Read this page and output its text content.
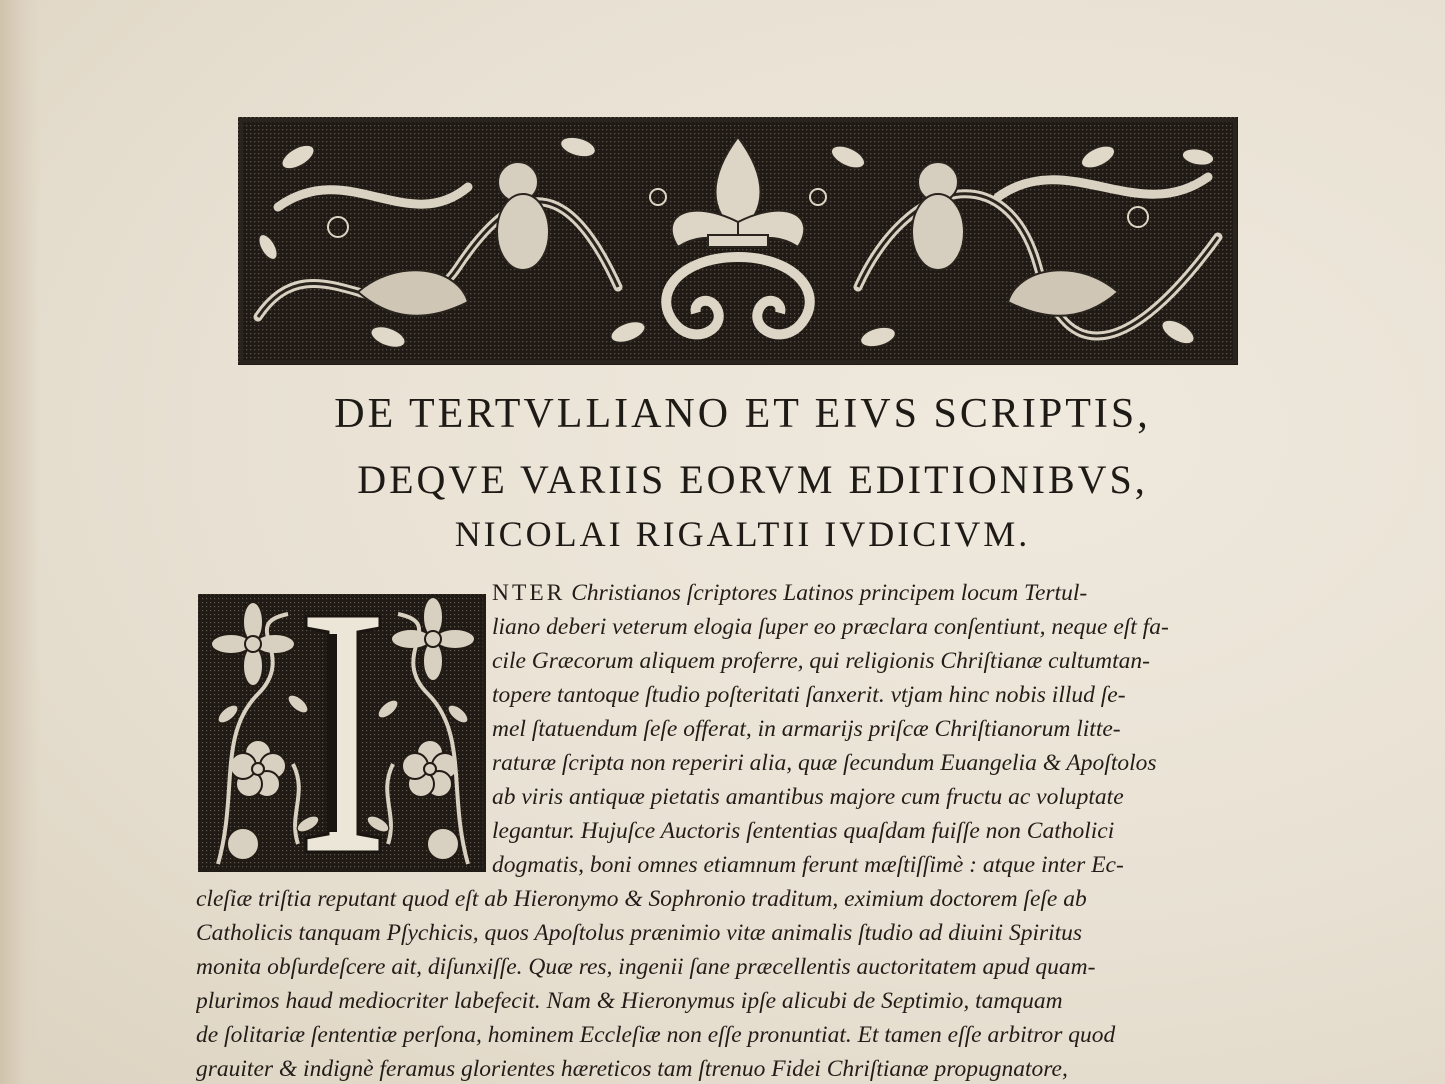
DE TERTVLLIANO ET EIVS SCRIPTIS,
DEQVE VARIIS EORVM EDITIONIBVS,
NICOLAI RIGALTII IVDICIVM.
NTER Christianos ſcriptores Latinos principem locum Tertul-
liano deberi veterum elogia ſuper eo præclara conſentiunt, neque eſt fa-
cile Græcorum aliquem proferre, qui religionis Chriſtianæ cultumtan-
topere tantoque ſtudio poſteritati ſanxerit. vtjam hinc nobis illud ſe-
mel ſtatuendum ſeſe offerat, in armarijs priſcæ Chriſtianorum litte-
raturæ ſcripta non reperiri alia, quæ ſecundum Euangelia & Apoſtolos
ab viris antiquæ pietatis amantibus majore cum fructu ac voluptate
legantur. Hujuſce Auctoris ſententias quaſdam fuiſſe non Catholici
dogmatis, boni omnes etiamnum ferunt mæſtiſſimè : atque inter Ec-
cleſiæ triſtia reputant quod eſt ab Hieronymo & Sophronio traditum, eximium doctorem ſeſe ab
Catholicis tanquam Pſychicis, quos Apoſtolus prænimio vitæ animalis ſtudio ad diuini Spiritus
monita obſurdeſcere ait, diſunxiſſe. Quæ res, ingenii ſane præcellentis auctoritatem apud quam-
plurimos haud mediocriter labefecit. Nam & Hieronymus ipſe alicubi de Septimio, tamquam
de ſolitariæ ſententiæ perſona, hominem Eccleſiæ non eſſe pronuntiat. Et tamen eſſe arbitror quod
grauiter & indignè feramus glorientes hæreticos tam ſtrenuo Fidei Chriſtianæ propugnatore,
